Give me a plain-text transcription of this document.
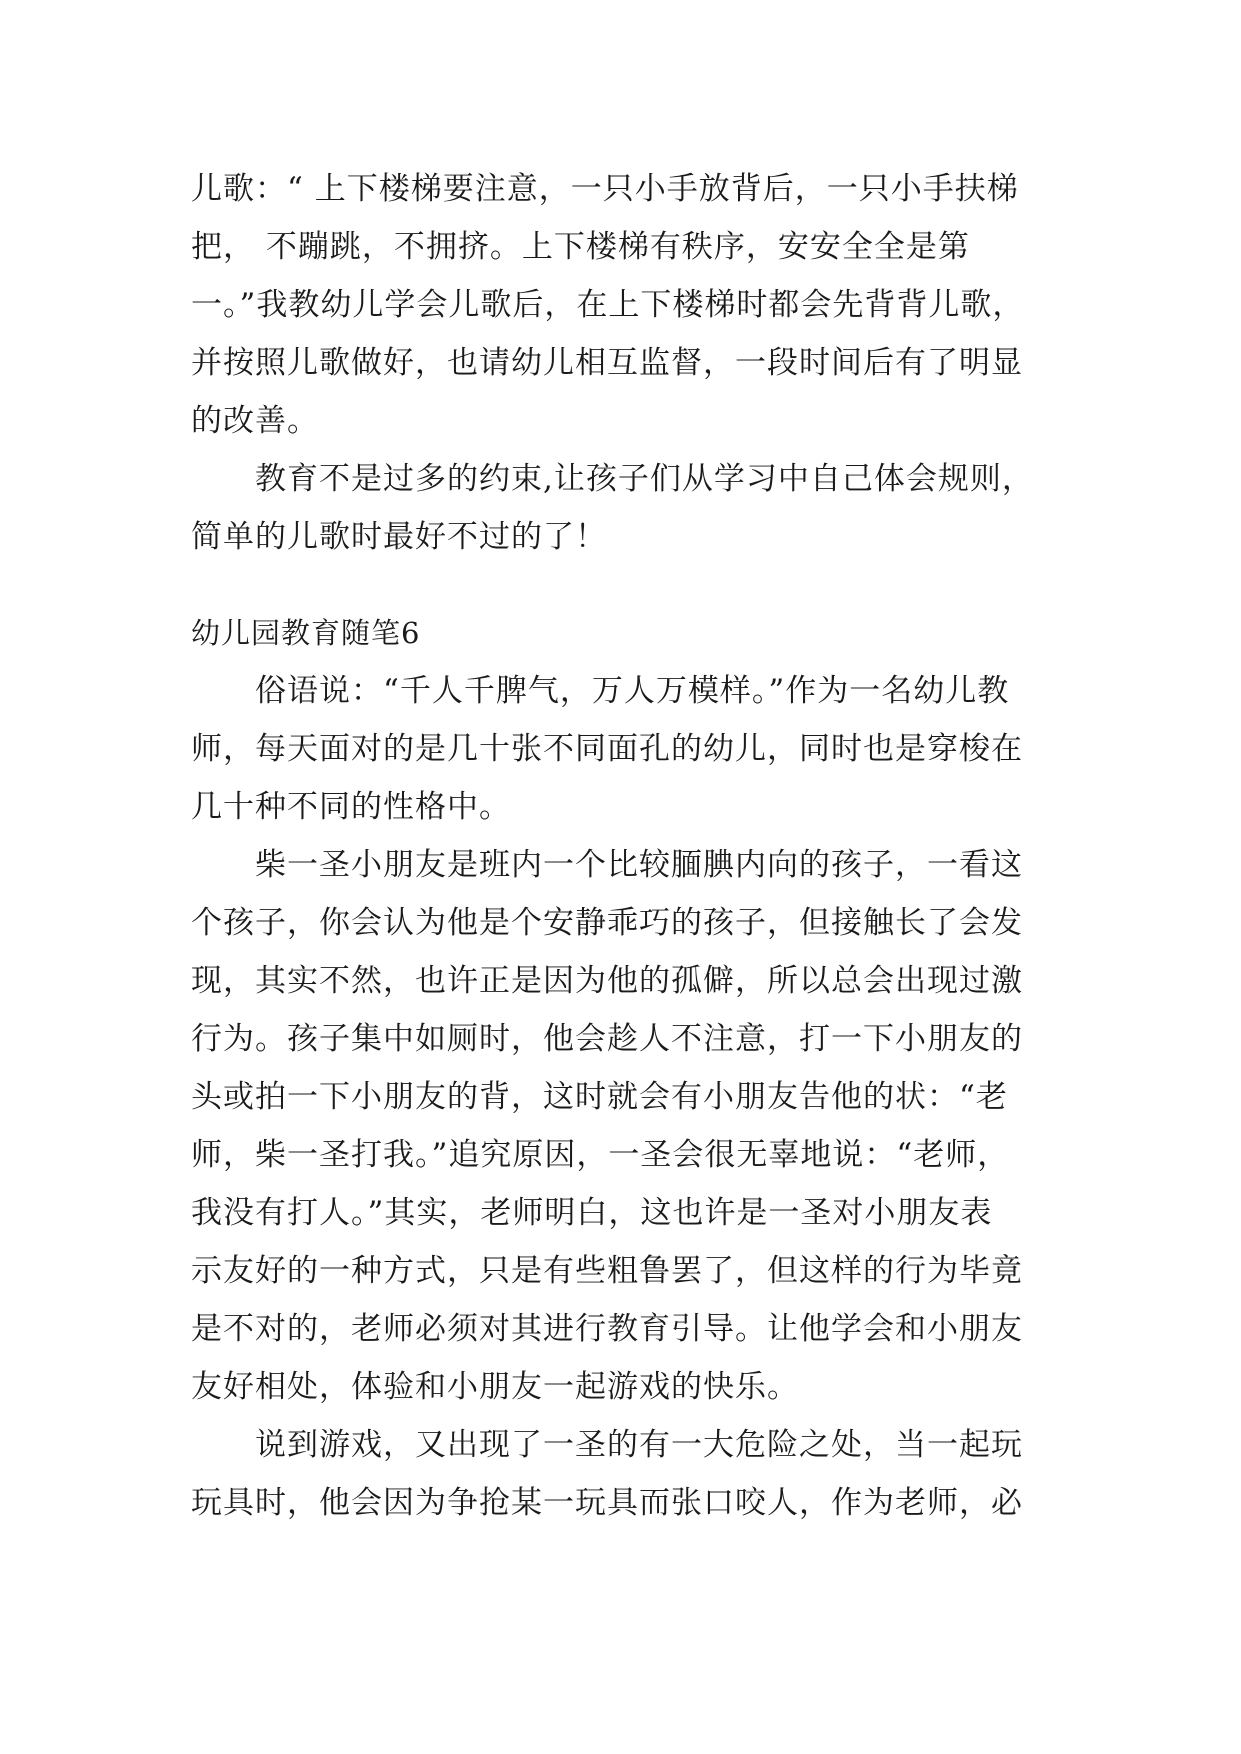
儿歌：“ 上下楼梯要注意，一只小手放背后，一只小手扶梯

把， 不蹦跳，不拥挤。上下楼梯有秩序，安安全全是第

一。”我教幼儿学会儿歌后，在上下楼梯时都会先背背儿歌，

并按照儿歌做好，也请幼儿相互监督，一段时间后有了明显

的改善。

教育不是过多的约束,让孩子们从学习中自己体会规则，

简单的儿歌时最好不过的了！

幼儿园教育随笔6

俗语说：“千人千脾气，万人万模样。”作为一名幼儿教

师，每天面对的是几十张不同面孔的幼儿，同时也是穿梭在

几十种不同的性格中。

柴一圣小朋友是班内一个比较腼腆内向的孩子，一看这

个孩子，你会认为他是个安静乖巧的孩子，但接触长了会发

现，其实不然，也许正是因为他的孤僻，所以总会出现过激

行为。孩子集中如厕时，他会趁人不注意，打一下小朋友的

头或拍一下小朋友的背，这时就会有小朋友告他的状：“老

师，柴一圣打我。”追究原因，一圣会很无辜地说：“老师，

我没有打人。”其实，老师明白，这也许是一圣对小朋友表

示友好的一种方式，只是有些粗鲁罢了，但这样的行为毕竟

是不对的，老师必须对其进行教育引导。让他学会和小朋友

友好相处，体验和小朋友一起游戏的快乐。

说到游戏，又出现了一圣的有一大危险之处，当一起玩

玩具时，他会因为争抢某一玩具而张口咬人，作为老师，必
